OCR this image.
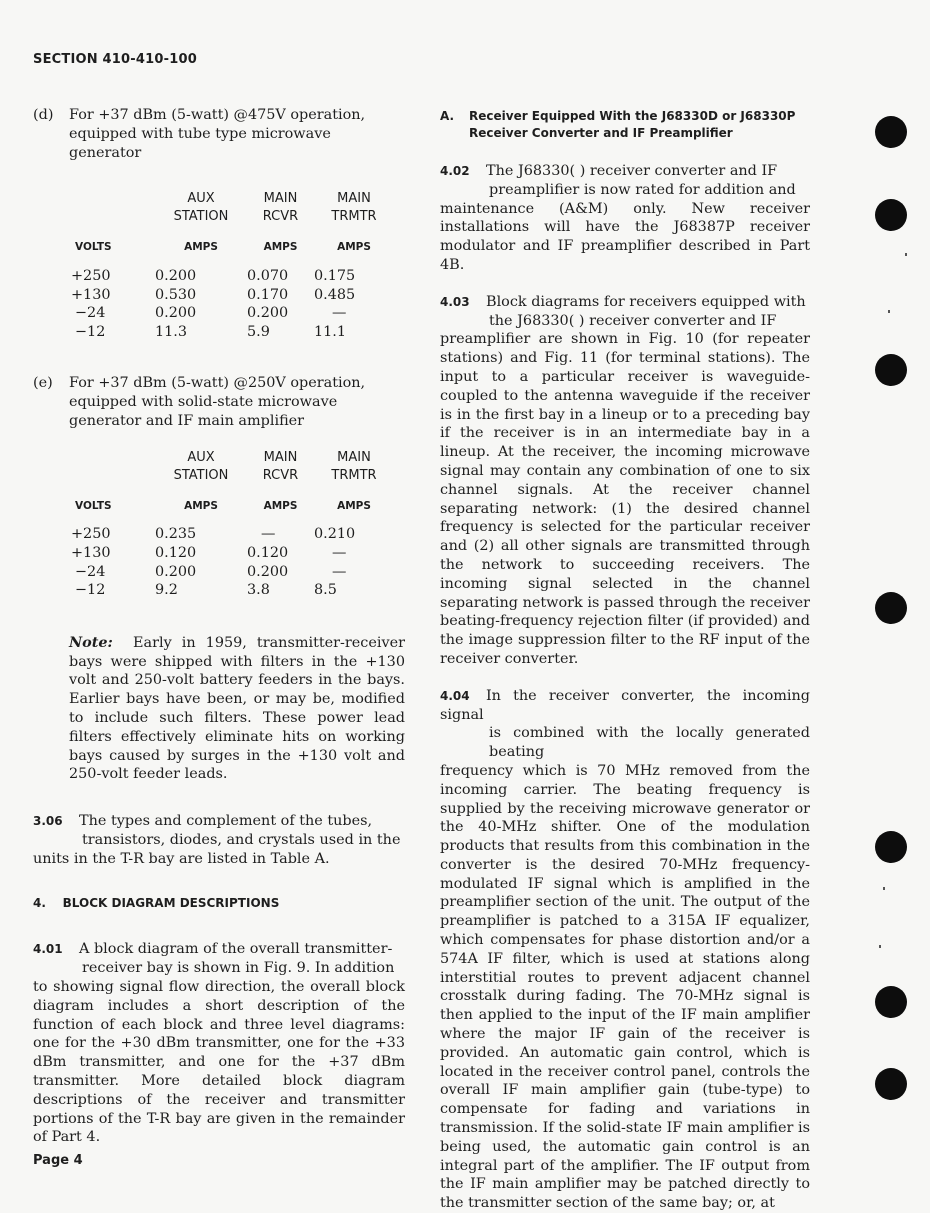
SECTION 410-410-100

(d) For +37 dBm (5-watt) @475V operation, equipped with tube type microwave generator

	AUX	MAIN	MAIN
	STATION	RCVR	TRMTR
VOLTS	AMPS	AMPS	AMPS
+250	0.200	0.070	0.175
+130	0.530	0.170	0.485
−24	0.200	0.200	—
−12	11.3	5.9	11.1

(e) For +37 dBm (5-watt) @250V operation, equipped with solid-state microwave generator and IF main amplifier

	AUX	MAIN	MAIN
	STATION	RCVR	TRMTR
VOLTS	AMPS	AMPS	AMPS
+250	0.235	—	0.210
+130	0.120	0.120	—
−24	0.200	0.200	—
−12	9.2	3.8	8.5

Note: Early in 1959, transmitter-receiver bays were shipped with filters in the +130 volt and 250-volt battery feeders in the bays. Earlier bays have been, or may be, modified to include such filters. These power lead filters effectively eliminate hits on working bays caused by surges in the +130 volt and 250-volt feeder leads.

3.06 The types and complement of the tubes,

transistors, diodes, and crystals used in the

units in the T-R bay are listed in Table A.

4. BLOCK DIAGRAM DESCRIPTIONS

4.01 A block diagram of the overall transmitter-

receiver bay is shown in Fig. 9. In addition

to showing signal flow direction, the overall block diagram includes a short description of the function of each block and three level diagrams: one for the +30 dBm transmitter, one for the +33 dBm transmitter, and one for the +37 dBm transmitter. More detailed block diagram descriptions of the receiver and transmitter portions of the T-R bay are given in the remainder of Part 4.

A. Receiver Equipped With the J68330D or J68330P Receiver Converter and IF Preamplifier

4.02 The J68330( ) receiver converter and IF

preamplifier is now rated for addition and

maintenance (A&M) only. New receiver installations will have the J68387P receiver modulator and IF preamplifier described in Part 4B.

4.03 Block diagrams for receivers equipped with

the J68330( ) receiver converter and IF

preamplifier are shown in Fig. 10 (for repeater stations) and Fig. 11 (for terminal stations). The input to a particular receiver is waveguide-coupled to the antenna waveguide if the receiver is in the first bay in a lineup or to a preceding bay if the receiver is in an intermediate bay in a lineup. At the receiver, the incoming microwave signal may contain any combination of one to six channel signals. At the receiver channel separating network: (1) the desired channel frequency is selected for the particular receiver and (2) all other signals are transmitted through the network to succeeding receivers. The incoming signal selected in the channel separating network is passed through the receiver beating-frequency rejection filter (if provided) and the image suppression filter to the RF input of the receiver converter.

4.04 In the receiver converter, the incoming signal

is combined with the locally generated beating

frequency which is 70 MHz removed from the incoming carrier. The beating frequency is supplied by the receiving microwave generator or the 40-MHz shifter. One of the modulation products that results from this combination in the converter is the desired 70-MHz frequency-modulated IF signal which is amplified in the preamplifier section of the unit. The output of the preamplifier is patched to a 315A IF equalizer, which compensates for phase distortion and/or a 574A IF filter, which is used at stations along interstitial routes to prevent adjacent channel crosstalk during fading. The 70-MHz signal is then applied to the input of the IF main amplifier where the major IF gain of the receiver is provided. An automatic gain control, which is located in the receiver control panel, controls the overall IF main amplifier gain (tube-type) to compensate for fading and variations in transmission. If the solid-state IF main amplifier is being used, the automatic gain control is an integral part of the amplifier. The IF output from the IF main amplifier may be patched directly to the transmitter section of the same bay; or, at

Page 4
